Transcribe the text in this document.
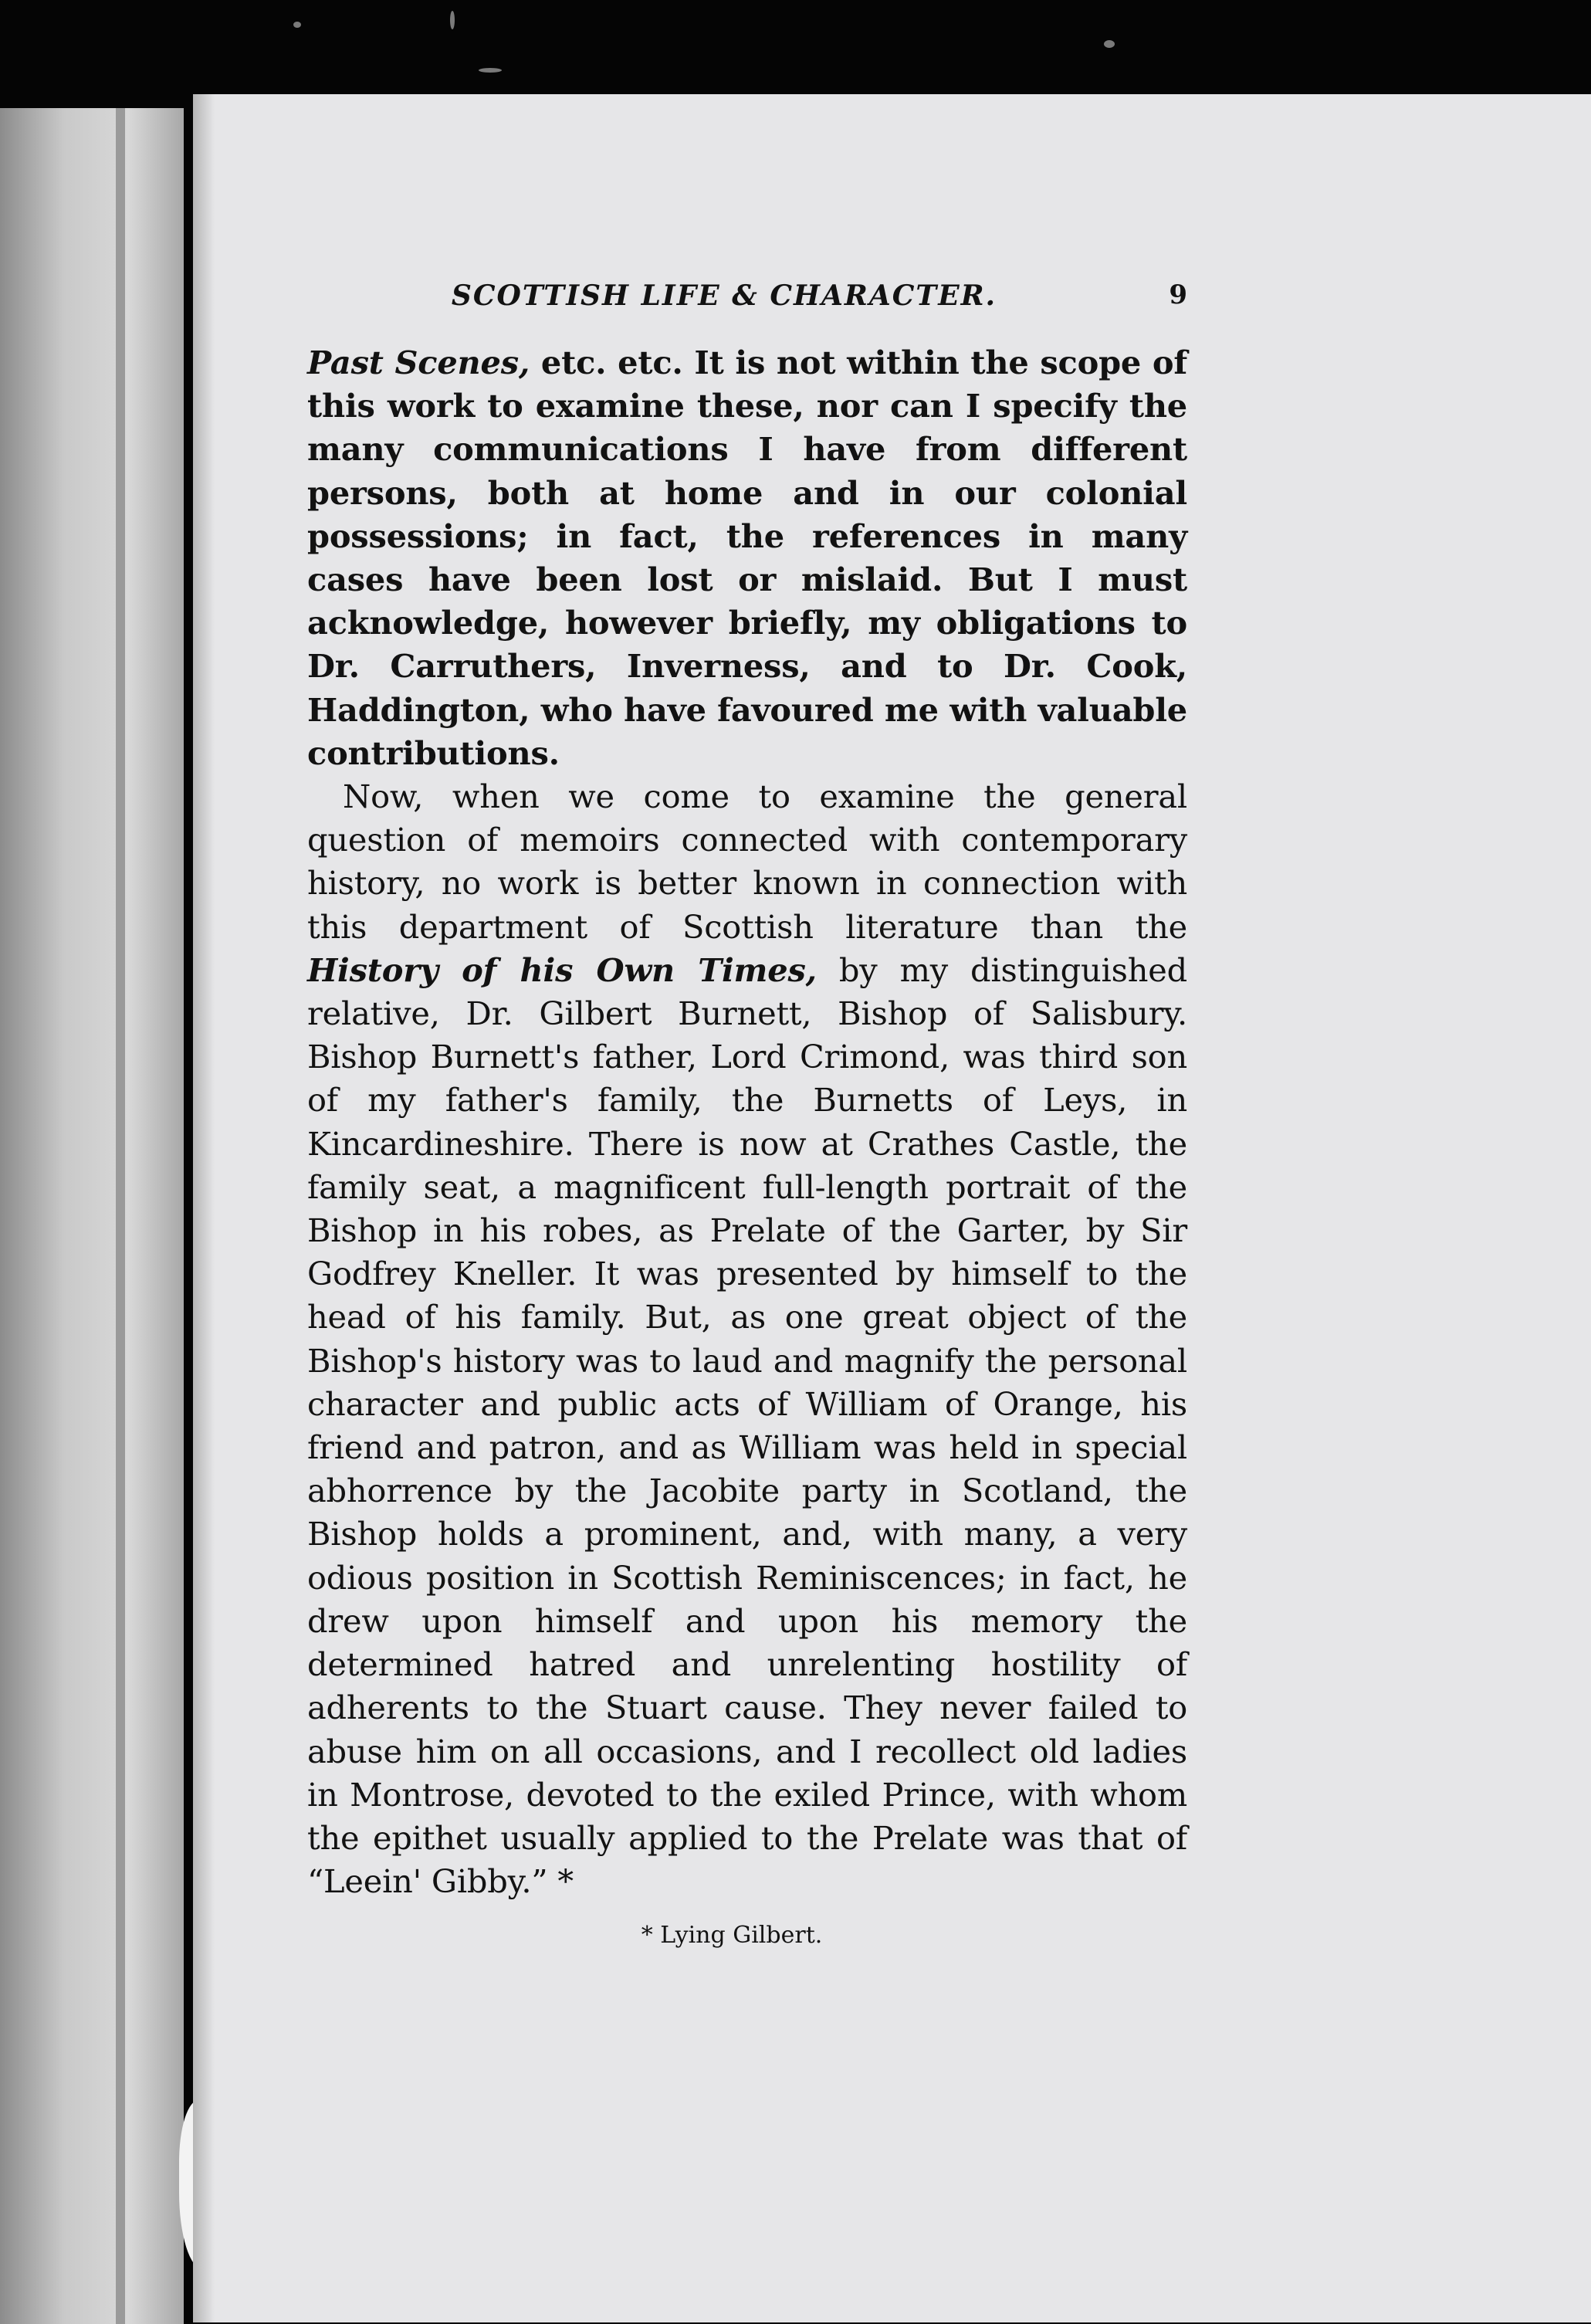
SCOTTISH LIFE & CHARACTER.	9

Past Scenes, etc. etc. It is not within the scope of this work to examine these, nor can I specify the many communications I have from different persons, both at home and in our colonial possessions; in fact, the references in many cases have been lost or mislaid. But I must acknowledge, however briefly, my obligations to Dr. Carruthers, Inverness, and to Dr. Cook, Haddington, who have favoured me with valuable contributions.

Now, when we come to examine the general question of memoirs connected with contemporary history, no work is better known in connection with this department of Scottish literature than the History of his Own Times, by my distinguished relative, Dr. Gilbert Burnett, Bishop of Salisbury. Bishop Burnett's father, Lord Crimond, was third son of my father's family, the Burnetts of Leys, in Kincardineshire. There is now at Crathes Castle, the family seat, a magnificent full-length portrait of the Bishop in his robes, as Prelate of the Garter, by Sir Godfrey Kneller. It was presented by himself to the head of his family. But, as one great object of the Bishop's history was to laud and magnify the personal character and public acts of William of Orange, his friend and patron, and as William was held in special abhorrence by the Jacobite party in Scotland, the Bishop holds a prominent, and, with many, a very odious position in Scottish Reminiscences; in fact, he drew upon himself and upon his memory the determined hatred and unrelenting hostility of adherents to the Stuart cause. They never failed to abuse him on all occasions, and I recollect old ladies in Montrose, devoted to the exiled Prince, with whom the epithet usually applied to the Prelate was that of “Leein' Gibby.” *

* Lying Gilbert.
